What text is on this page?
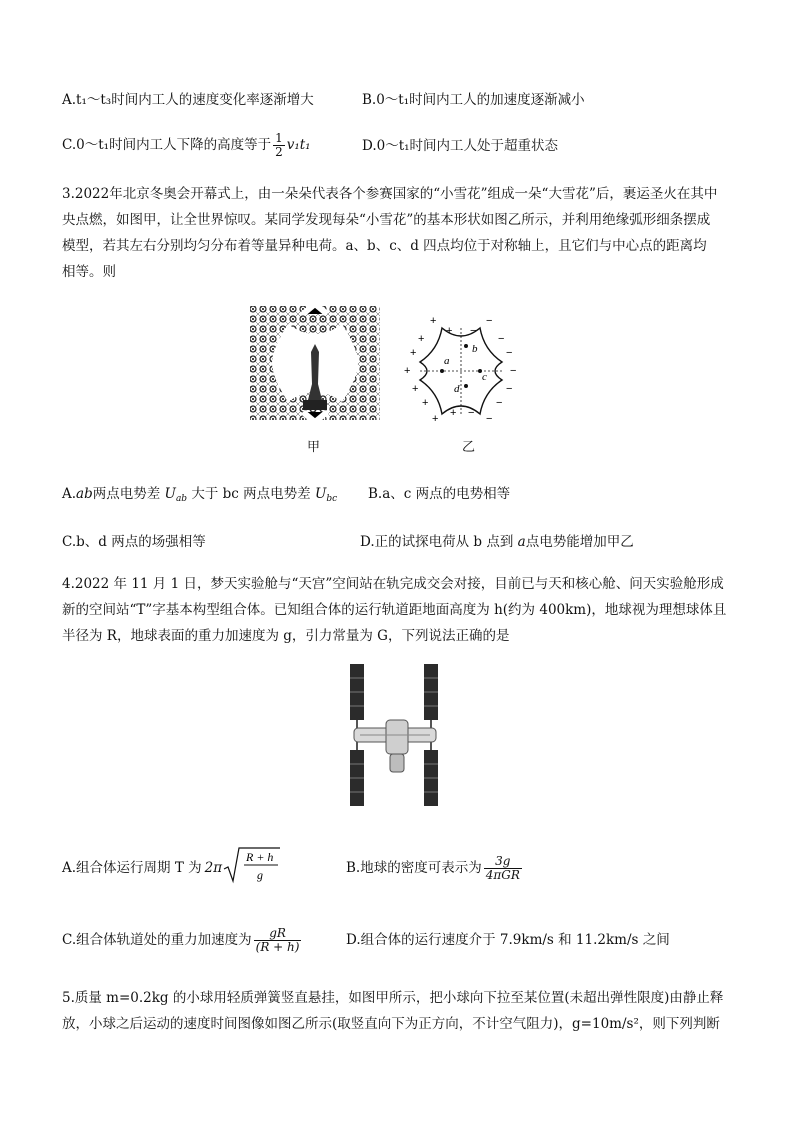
A.t₁～t₃时间内工人的速度变化率逐渐增大	B.0～t₁时间内工人的加速度逐渐减小
C.0～t₁时间内工人下降的高度等于 $\frac{1}{2} v_1t_1$	D.0～t₁时间内工人处于超重状态
3.2022年北京冬奥会开幕式上，由一朵朵代表各个参赛国家的“小雪花”组成一朵“大雪花”后，裹运圣火在其中
央点燃，如图甲，让全世界惊叹。某同学发现每朵“小雪花”的基本形状如图乙所示，并利用绝缘弧形细条摆成
模型，若其左右分别均匀分布着等量异种电荷。a、b、c、d 四点均位于对称轴上，且它们与中心点的距离均
相等。则
甲
a
b
c
d
+
+
+
+
+
+
+
+ +
−
−
−
−
−
−
−
−
−
乙
A.ab两点电势差 $U_{ab}$ 大于 bc 两点电势差 $U_{bc}$ B.a、c 两点的电势相等
C.b、d 两点的场强相等	D.正的试探电荷从 b 点到 a点电势能增加甲乙
4.2022 年 11 月 1 日，梦天实验舱与“天宫”空间站在轨完成交会对接，目前已与天和核心舱、问天实验舱形成
新的空间站“T”字基本构型组合体。已知组合体的运行轨道距地面高度为 h(约为 400km)，地球视为理想球体且
半径为 R，地球表面的重力加速度为 g，引力常量为 G，下列说法正确的是
A.组合体运行周期 T 为 2π
R + h
g	B.地球的密度可表示为 $\frac{3g}{\text{4πGR}}$
C.组合体轨道处的重力加速度为 $\frac{gR}{(R + h)}$	D.组合体的运行速度介于 7.9km/s 和 11.2km/s 之间
5.质量 m=0.2kg 的小球用轻质弹簧竖直悬挂，如图甲所示，把小球向下拉至某位置(未超出弹性限度)由静止释
放，小球之后运动的速度时间图像如图乙所示(取竖直向下为正方向，不计空气阻力)，g=10m/s²，则下列判断
